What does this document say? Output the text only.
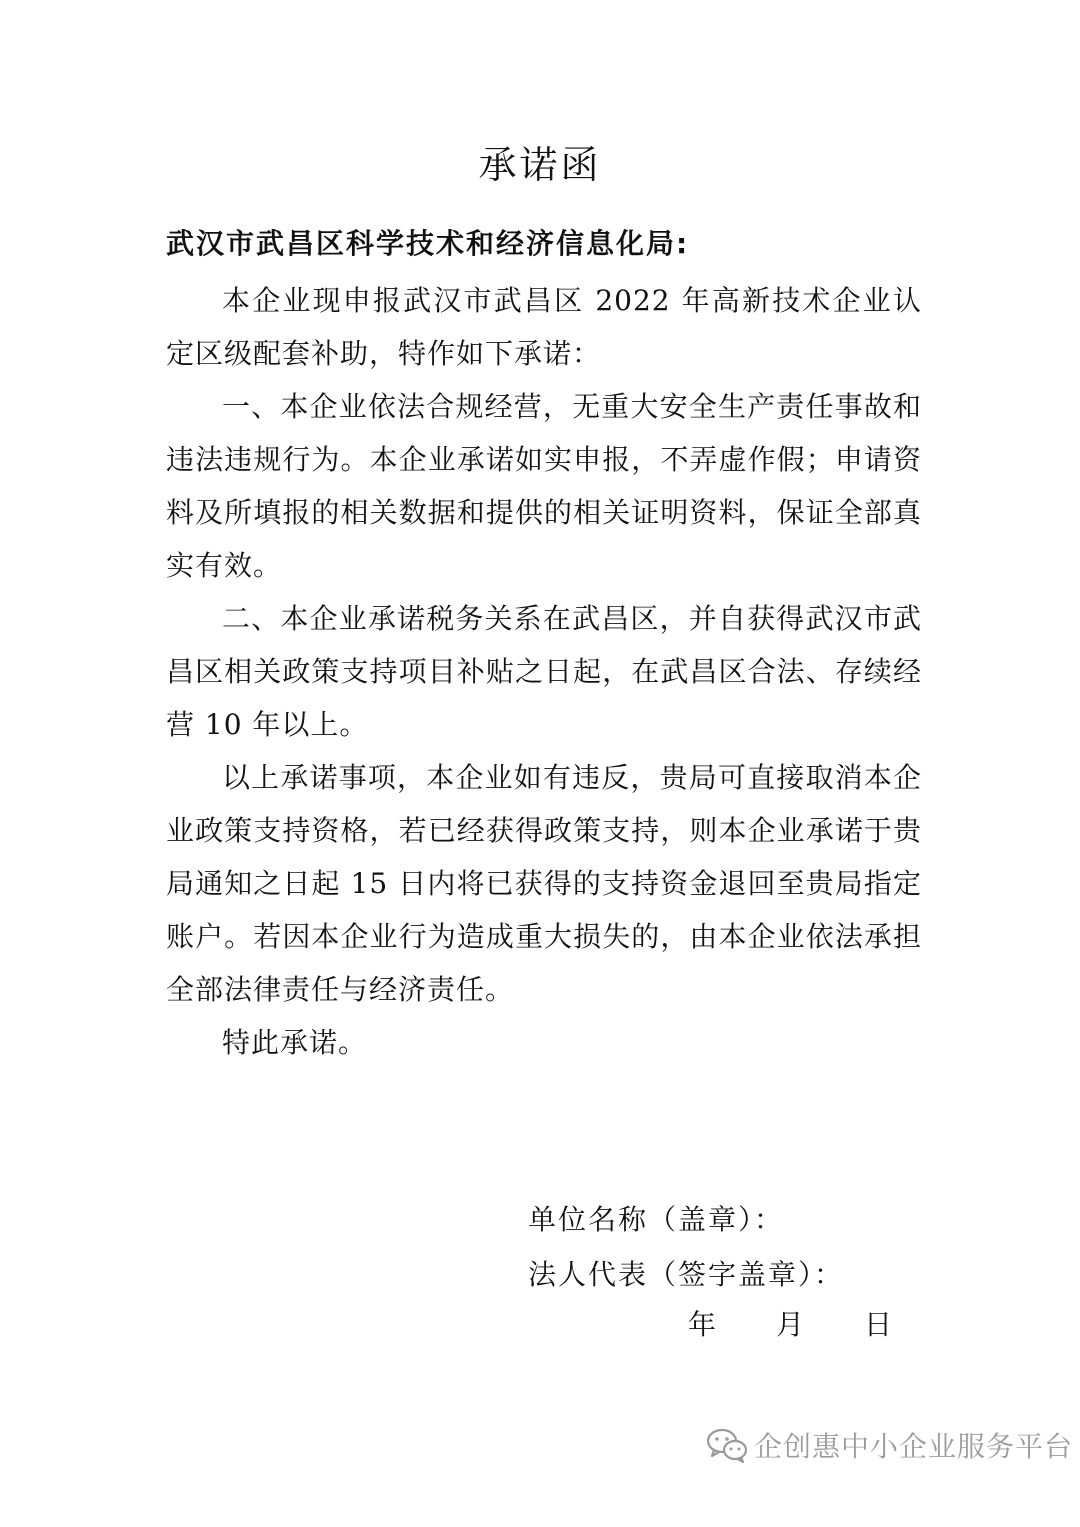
承诺函
武汉市武昌区科学技术和经济信息化局:

本企业现申报武汉市武昌区 2022 年高新技术企业认定区级配套补助，特作如下承诺：

一、本企业依法合规经营，无重大安全生产责任事故和违法违规行为。本企业承诺如实申报，不弄虚作假；申请资料及所填报的相关数据和提供的相关证明资料，保证全部真实有效。

二、本企业承诺税务关系在武昌区，并自获得武汉市武昌区相关政策支持项目补贴之日起，在武昌区合法、存续经营 10 年以上。

以上承诺事项，本企业如有违反，贵局可直接取消本企业政策支持资格，若已经获得政策支持，则本企业承诺于贵局通知之日起 15 日内将已获得的支持资金退回至贵局指定账户。若因本企业行为造成重大损失的，由本企业依法承担全部法律责任与经济责任。

特此承诺。

单位名称（盖章）：
法人代表（签字盖章）：
年 月 日
企创惠中小企业服务平台
